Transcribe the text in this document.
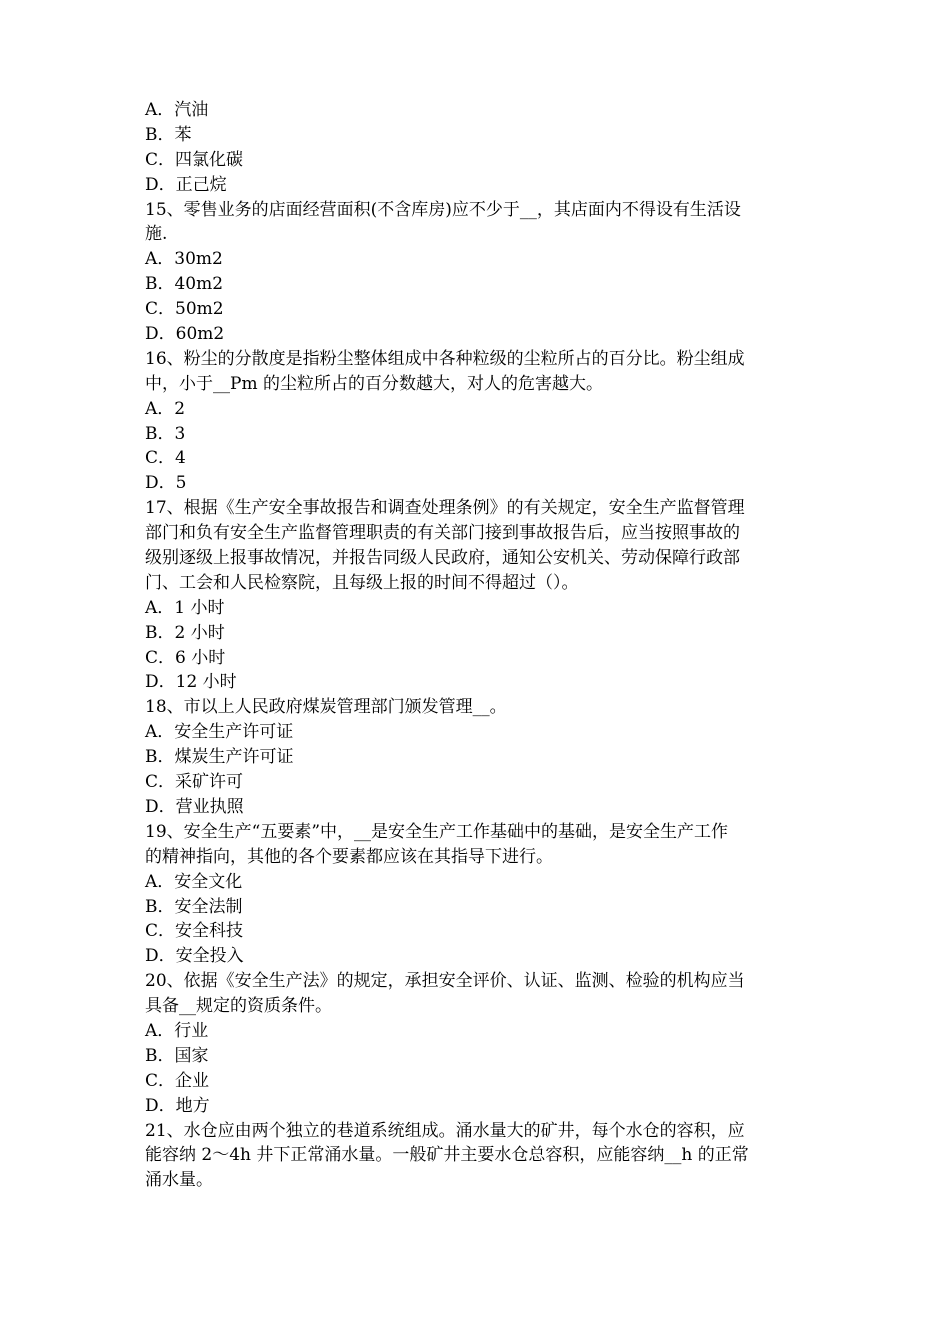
A．汽油
B．苯
C．四氯化碳
D．正己烷
15、零售业务的店面经营面积(不含库房)应不少于__，其店面内不得设有生活设
施.
A．30m2
B．40m2
C．50m2
D．60m2
16、粉尘的分散度是指粉尘整体组成中各种粒级的尘粒所占的百分比。粉尘组成
中，小于__Pm 的尘粒所占的百分数越大，对人的危害越大。
A．2
B．3
C．4
D．5
17、根据《生产安全事故报告和调查处理条例》的有关规定，安全生产监督管理
部门和负有安全生产监督管理职责的有关部门接到事故报告后，应当按照事故的
级别逐级上报事故情况，并报告同级人民政府，通知公安机关、劳动保障行政部
门、工会和人民检察院，且每级上报的时间不得超过（）。
A．1 小时
B．2 小时
C．6 小时
D．12 小时
18、市以上人民政府煤炭管理部门颁发管理__。
A．安全生产许可证
B．煤炭生产许可证
C．采矿许可
D．营业执照
19、安全生产“五要素”中，__是安全生产工作基础中的基础，是安全生产工作
的精神指向，其他的各个要素都应该在其指导下进行。
A．安全文化
B．安全法制
C．安全科技
D．安全投入
20、依据《安全生产法》的规定，承担安全评价、认证、监测、检验的机构应当
具备__规定的资质条件。
A．行业
B．国家
C．企业
D．地方
21、水仓应由两个独立的巷道系统组成。涌水量大的矿井，每个水仓的容积，应
能容纳 2～4h 井下正常涌水量。一般矿井主要水仓总容积，应能容纳__h 的正常
涌水量。
